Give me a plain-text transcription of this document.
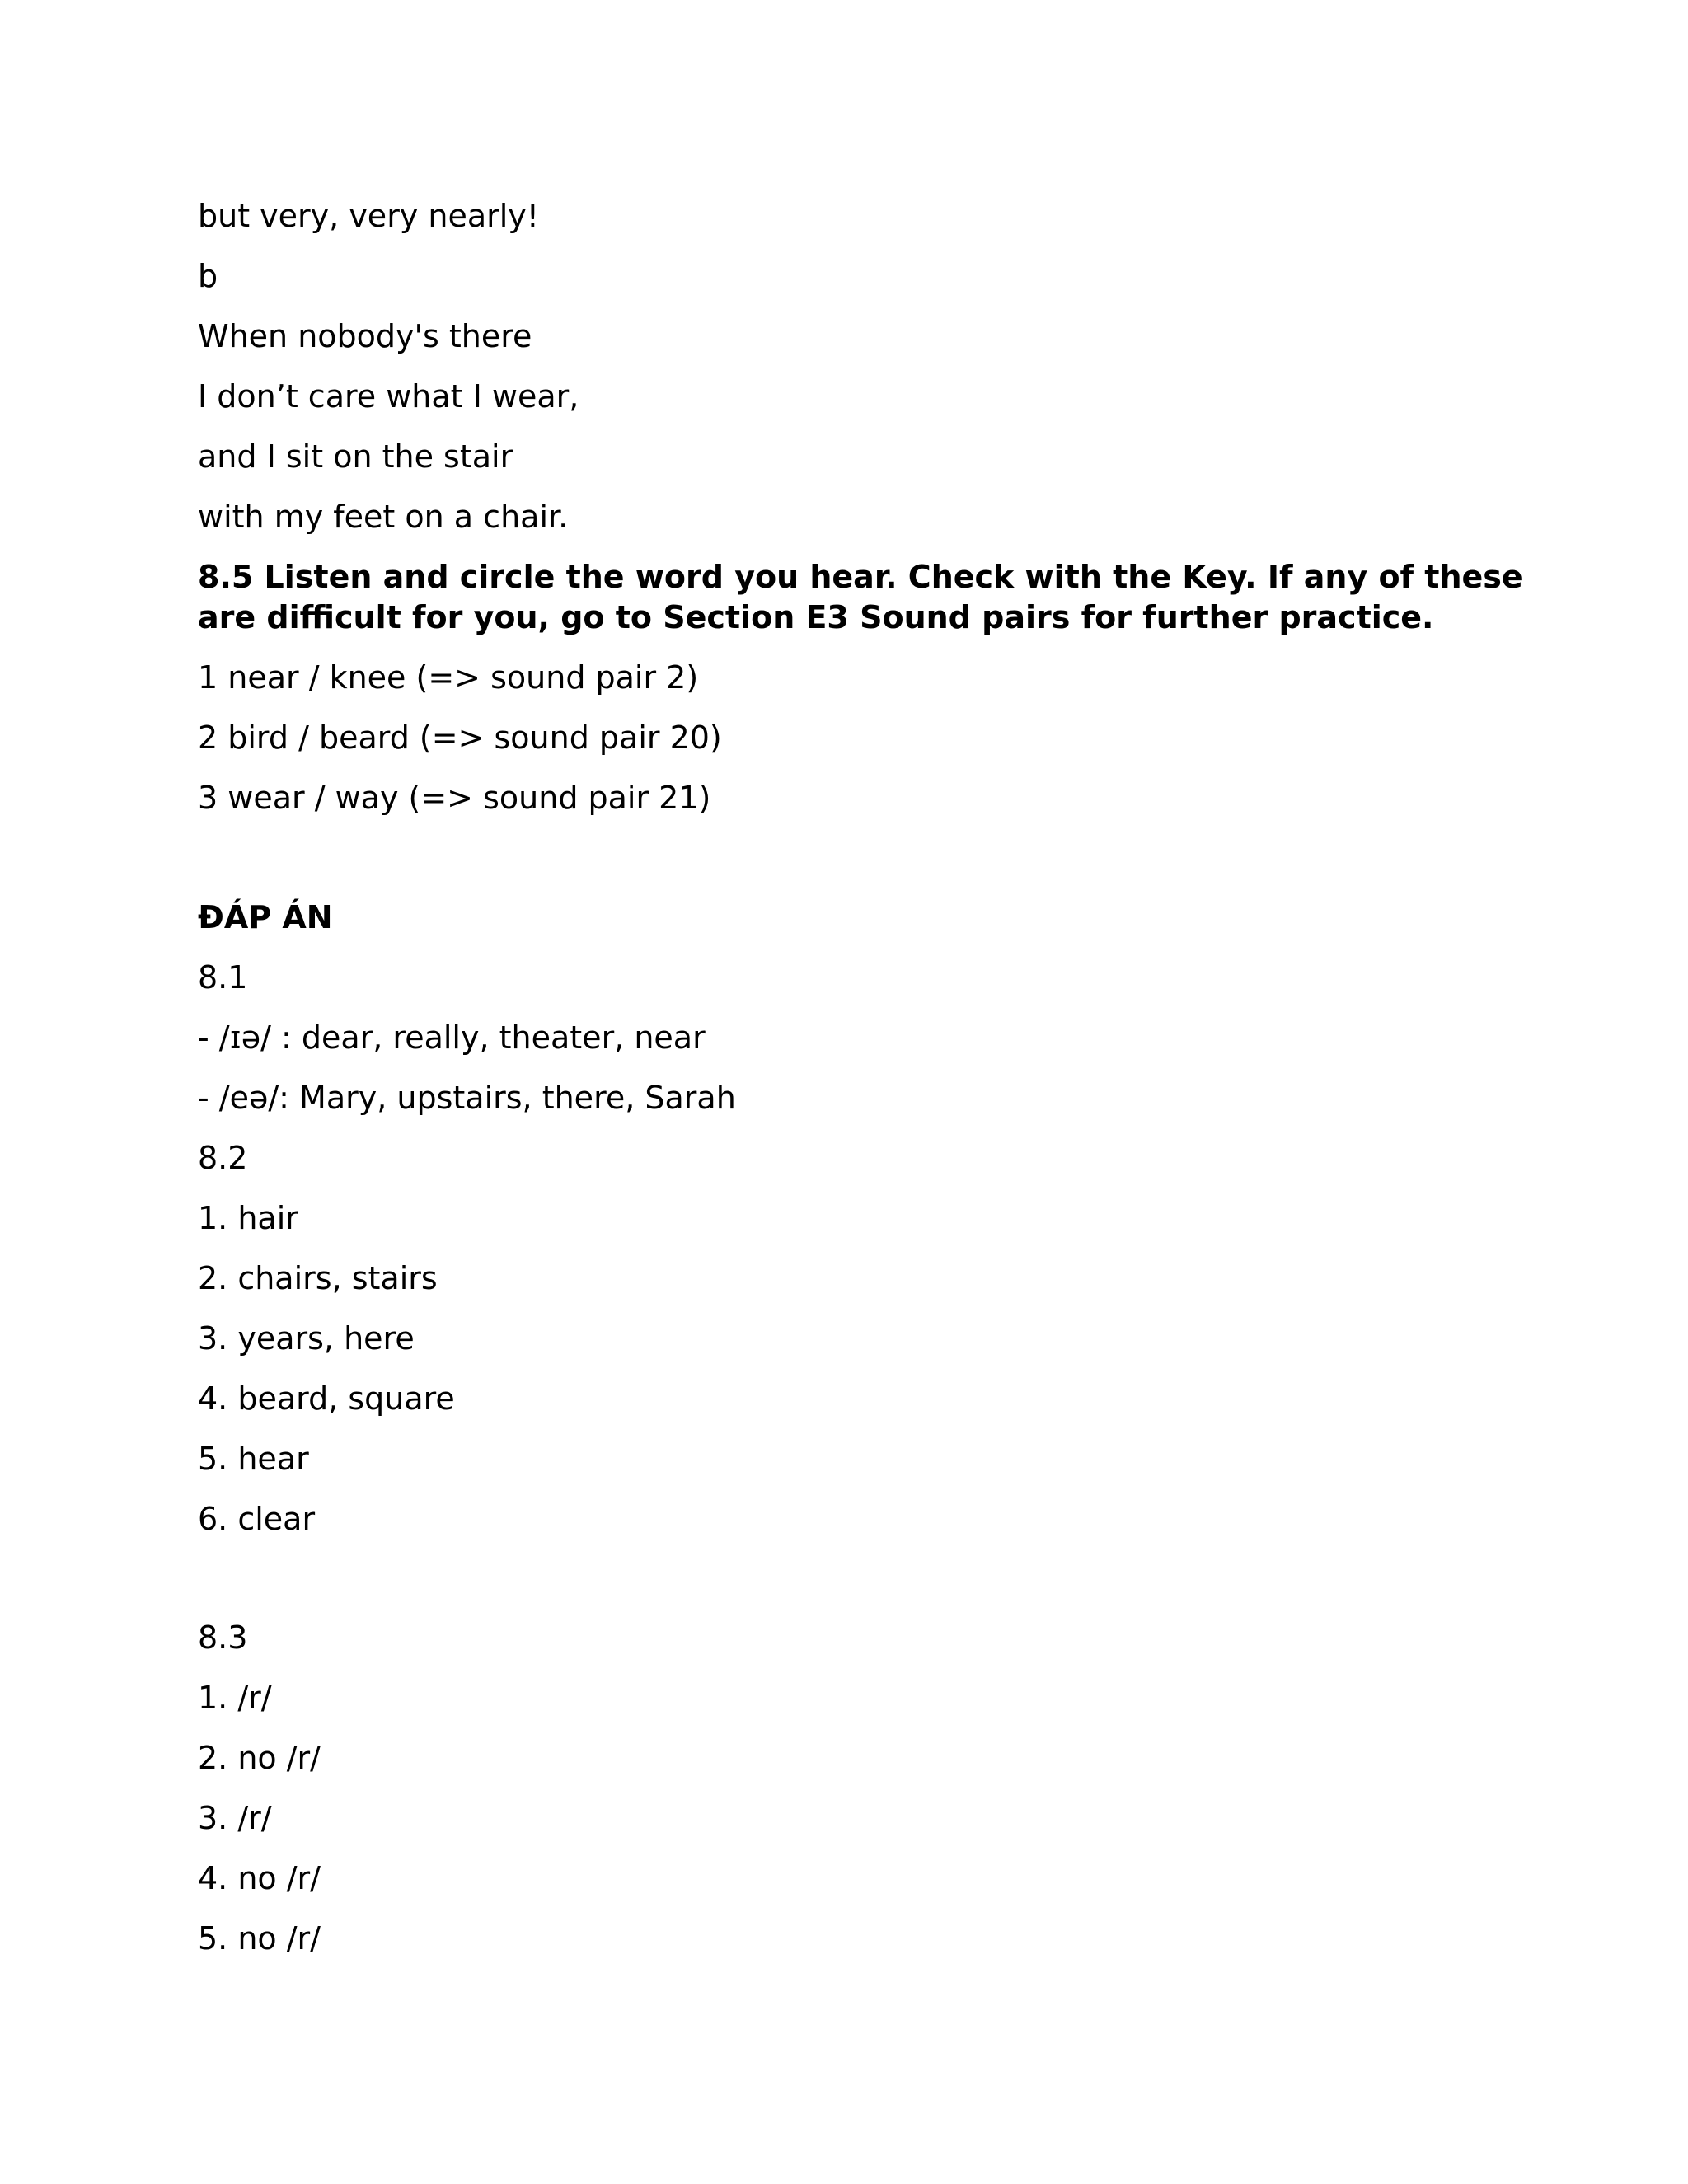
but very, very nearly!
b
When nobody's there
I don’t care what I wear,
and I sit on the stair
with my feet on a chair.
8.5 Listen and circle the word you hear. Check with the Key. If any of these
are difficult for you, go to Section E3 Sound pairs for further practice.
1 near / knee (=> sound pair 2)
2 bird / beard (=> sound pair 20)
3 wear / way (=> sound pair 21)
ĐÁP ÁN
8.1
- /ɪə/ : dear, really, theater, near
- /eə/: Mary, upstairs, there, Sarah
8.2
1. hair
2. chairs, stairs
3. years, here
4. beard, square
5. hear
6. clear
8.3
1. /r/
2. no /r/
3. /r/
4. no /r/
5. no /r/
